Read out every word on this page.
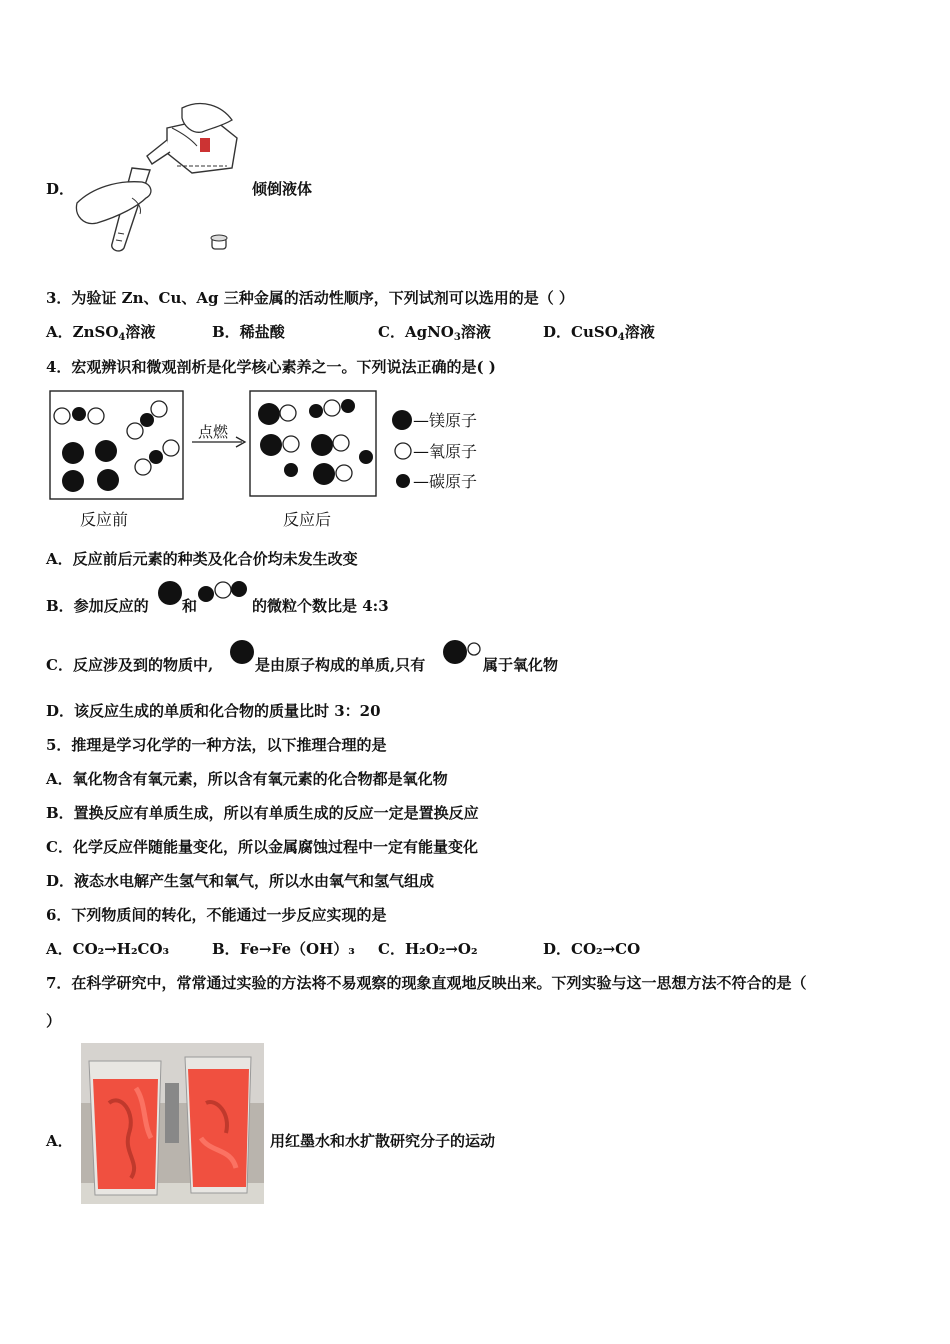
D．	倾倒液体
3．为验证 Zn、Cu、Ag 三种金属的活动性顺序，下列试剂可以选用的是（ ）
A．ZnSO$_4$溶液	B．稀盐酸	C．AgNO$_3$溶液	D．CuSO$_4$溶液
4．宏观辨识和微观剖析是化学核心素养之一。下列说法正确的是( )
点燃
—镁原子
—氧原子
—碳原子
反应前	反应后
A．反应前后元素的种类及化合价均未发生改变
B．参加反应的 和	的微粒个数比是 4:3
C．反应涉及到的物质中,	是由原子构成的单质,只有	属于氧化物
D．该反应生成的单质和化合物的质量比时 3：20
5．推理是学习化学的一种方法，以下推理合理的是
A．氧化物含有氧元素，所以含有氧元素的化合物都是氧化物
B．置换反应有单质生成，所以有单质生成的反应一定是置换反应
C．化学反应伴随能量变化，所以金属腐蚀过程中一定有能量变化
D．液态水电解产生氢气和氧气，所以水由氧气和氢气组成
6．下列物质间的转化，不能通过一步反应实现的是
A．CO₂→H₂CO₃	B．Fe→Fe（OH）₃ C．H₂O₂→O₂	D．CO₂→CO
7．在科学研究中，常常通过实验的方法将不易观察的现象直观地反映出来。下列实验与这一思想方法不符合的是（
）
A．	用红墨水和水扩散研究分子的运动
